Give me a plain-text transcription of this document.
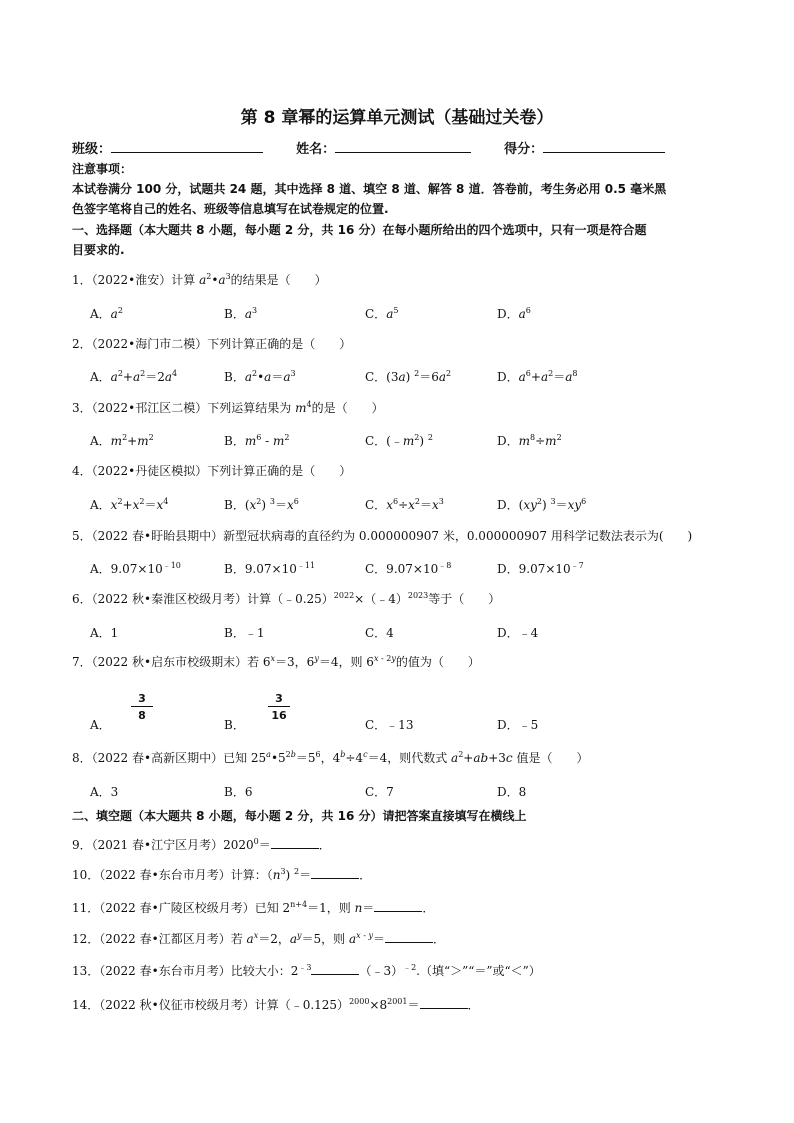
第 8 章幂的运算单元测试（基础过关卷）
班级：	姓名：	得分：
注意事项：
本试卷满分 100 分，试题共 24 题，其中选择 8 道、填空 8 道、解答 8 道．答卷前，考生务必用 0.5 毫米黑
色签字笔将自己的姓名、班级等信息填写在试卷规定的位置.
一、选择题（本大题共 8 小题，每小题 2 分，共 16 分）在每小题所给出的四个选项中，只有一项是符合题
目要求的.
1．（2022•淮安）计算 $a^2•a^3$的结果是（　　）
A．$a^2$	B．$a^3$	C．$a^5$	D．$a^6$
2．（2022•海门市二模）下列计算正确的是（　　）
A．$a^2+a^2=2a^4$	B．$a^2•a=a^3$	C．(3a) $^2=6a^2$	D．$a^6+a^2=a^8$
3．（2022•邗江区二模）下列运算结果为 $m^4$的是（　　）
A．$m^2+m^2$	B．$m^6 - m^2$	C．$(﹣m^2)$ $^2$	D．$m^8\div m^2$
4．（2022•丹徒区模拟）下列计算正确的是（　　）
A．$x^2+x^2=x^4$	B．$(x^2)$ $^3=x^6$	C．$x^6\div x^2=x^3$	D．$(xy^2)$ $^3=xy^6$
5．（2022 春•盱眙县期中）新型冠状病毒的直径约为 0.000000907 米，0.000000907 用科学记数法表示为(　　)
A．$9.07\times 10^{﹣10}$	B．$9.07\times 10^{﹣11}$	C．$9.07\times 10^{﹣8}$	D．$9.07\times 10^{﹣7}$
6．（2022 秋•秦淮区校级月考）计算（﹣0.25）$^{2022}$×（﹣4）$^{2023}$等于（　　）
A．1	B．﹣1	C．4	D．﹣4
7．（2022 秋•启东市校级期末）若 $6^x=3$，$6^y=4$，则 $6^{x - 2y}$的值为（　　）
A．
$\frac{3}{8}$
B．
$\frac{3}{16}$
C．﹣13	D．﹣5
8．（2022 春•高新区期中）已知 $25^a•5^{2b}=5^6$，$4^b\div 4^c=4$，则代数式 $a^2+ab+3c$ 值是（　　）
A．3	B．6	C．7	D．8
二、填空题（本大题共 8 小题，每小题 2 分，共 16 分）请把答案直接填写在横线上
9．（2021 春•江宁区月考）$2020^0=$	．
10．（2022 春•东台市月考）计算：$(n^3)$ $^2$＝	．
11．（2022 春•广陵区校级月考）已知 $2^{n+4}=1$，则 n＝	．
12．（2022 春•江都区月考）若 $a^x=2$，$a^y=5$，则 $a^{x - y}=$	．
13．（2022 春•东台市月考）比较大小：$2^{﹣3}$	（﹣3）$^{﹣2}$.（填“＞”“＝”或“＜”）
14．（2022 秋•仪征市校级月考）计算$(﹣0.125)^{2000}\times 8^{2001}=$	．
